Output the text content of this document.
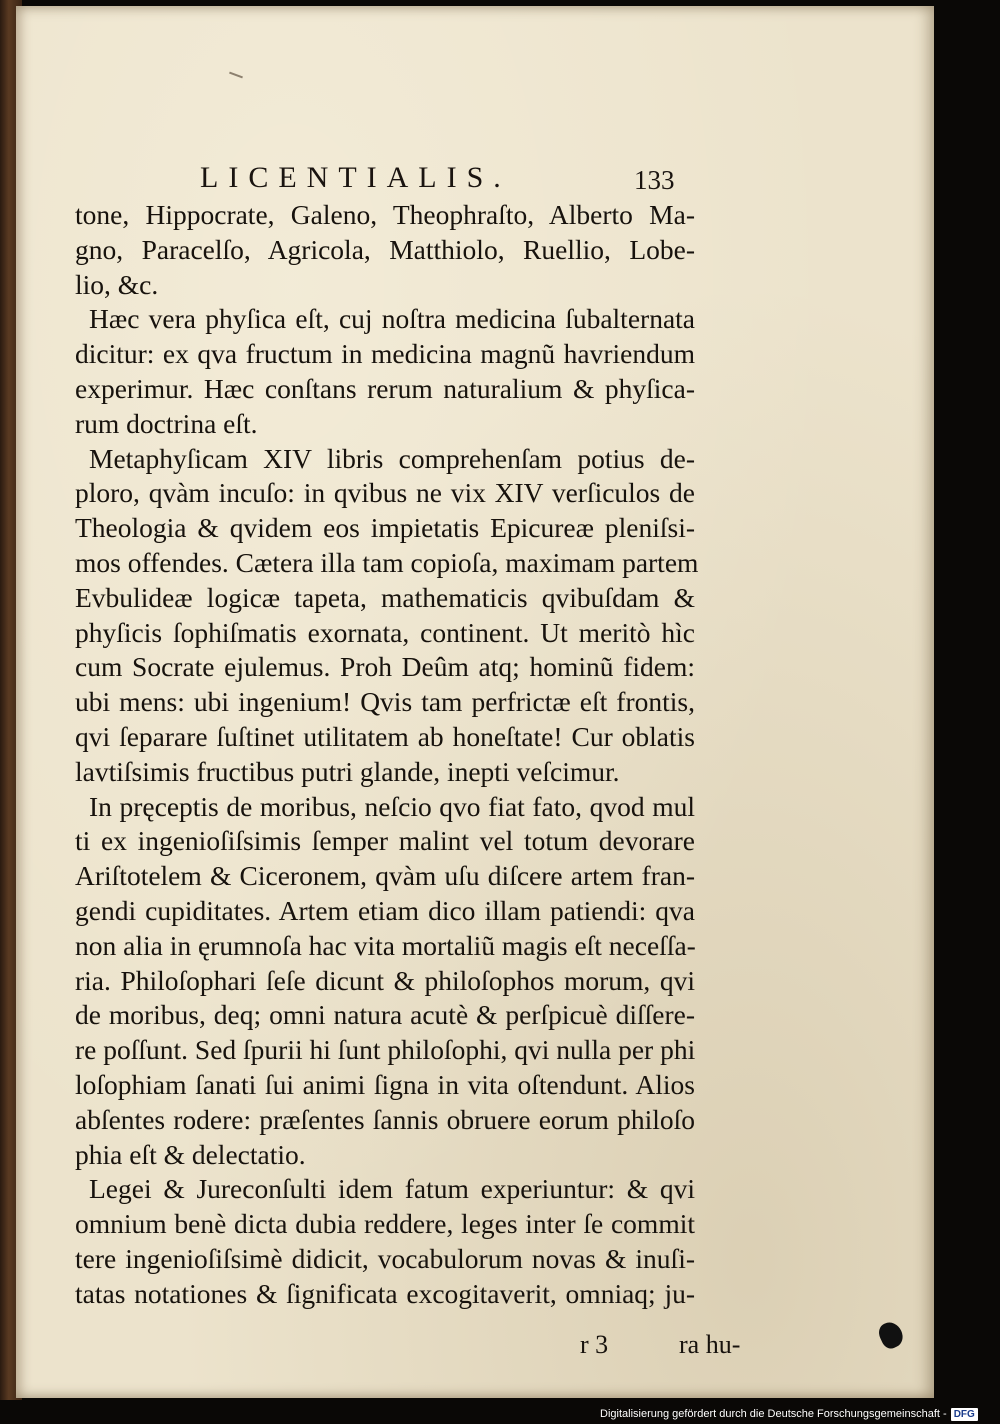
LICENTIALIS.	133
tone, Hippocrate, Galeno, Theophraſto, Alberto Ma-
gno, Paracelſo, Agricola, Matthiolo, Ruellio, Lobe-
lio, &c.
Hæc vera phyſica eſt, cuj noſtra medicina ſubalternata
dicitur: ex qva fructum in medicina magnũ havriendum
experimur. Hæc conſtans rerum naturalium & phyſica-
rum doctrina eſt.
Metaphyſicam XIV libris comprehenſam potius de-
ploro, qvàm incuſo: in qvibus ne vix XIV verſiculos de
Theologia & qvidem eos impietatis Epicureæ pleniſsi-
mos offendes. Cætera illa tam copioſa, maximam partem
Evbulideæ logicæ tapeta, mathematicis qvibuſdam &
phyſicis ſophiſmatis exornata, continent. Ut meritò hìc
cum Socrate ejulemus. Proh Deûm atq; hominũ fidem:
ubi mens: ubi ingenium! Qvis tam perfrictæ eſt frontis,
qvi ſeparare ſuſtinet utilitatem ab honeſtate! Cur oblatis
lavtiſsimis fructibus putri glande, inepti veſcimur.
In pręceptis de moribus, neſcio qvo fiat fato, qvod mul
ti ex ingenioſiſsimis ſemper malint vel totum devorare
Ariſtotelem & Ciceronem, qvàm uſu diſcere artem fran-
gendi cupiditates. Artem etiam dico illam patiendi: qva
non alia in ęrumnoſa hac vita mortaliũ magis eſt neceſſa-
ria. Philoſophari ſeſe dicunt & philoſophos morum, qvi
de moribus, deq; omni natura acutè & perſpicuè diſſere-
re poſſunt. Sed ſpurii hi ſunt philoſophi, qvi nulla per phi
loſophiam ſanati ſui animi ſigna in vita oſtendunt. Alios
abſentes rodere: præſentes ſannis obruere eorum philoſo
phia eſt & delectatio.
Legei & Jureconſulti idem fatum experiuntur: & qvi
omnium benè dicta dubia reddere, leges inter ſe commit
tere ingenioſiſsimè didicit, vocabulorum novas & inuſi-
tatas notationes & ſignificata excogitaverit, omniaq; ju-
r 3	ra hu-
Digitalisierung gefördert durch die Deutsche Forschungsgemeinschaft - DFG
